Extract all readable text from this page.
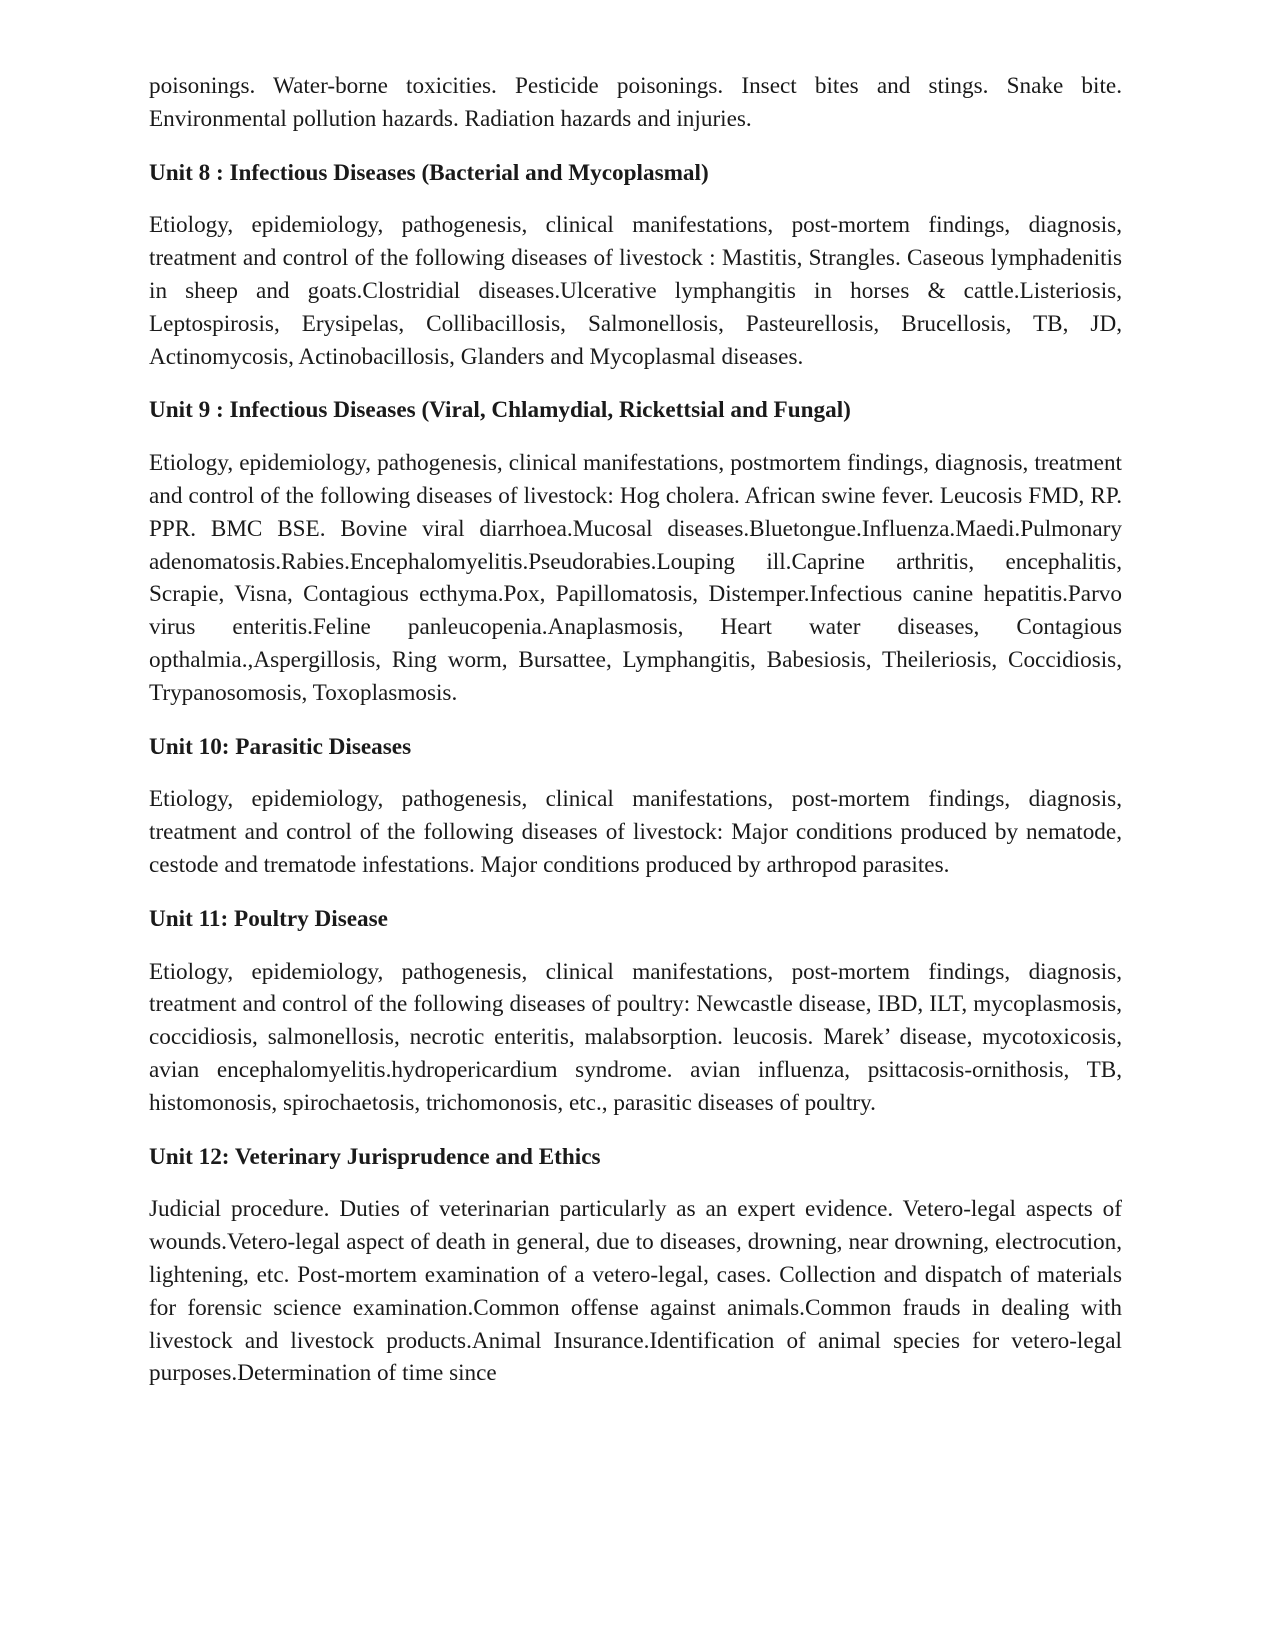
poisonings. Water-borne toxicities. Pesticide poisonings. Insect bites and stings. Snake bite. Environmental pollution hazards. Radiation hazards and injuries.

Unit 8 : Infectious Diseases (Bacterial and Mycoplasmal)

Etiology, epidemiology, pathogenesis, clinical manifestations, post-mortem findings, diagnosis, treatment and control of the following diseases of livestock : Mastitis, Strangles. Caseous lymphadenitis in sheep and goats.Clostridial diseases.Ulcerative lymphangitis in horses & cattle.Listeriosis, Leptospirosis, Erysipelas, Collibacillosis, Salmonellosis, Pasteurellosis, Brucellosis, TB, JD, Actinomycosis, Actinobacillosis, Glanders and Mycoplasmal diseases.

Unit 9 : Infectious Diseases (Viral, Chlamydial, Rickettsial and Fungal)

Etiology, epidemiology, pathogenesis, clinical manifestations, postmortem findings, diagnosis, treatment and control of the following diseases of livestock: Hog cholera. African swine fever. Leucosis FMD, RP. PPR. BMC BSE. Bovine viral diarrhoea.Mucosal diseases.Bluetongue.Influenza.Maedi.Pulmonary adenomatosis.Rabies.Encephalomyelitis.Pseudorabies.Louping ill.Caprine arthritis, encephalitis, Scrapie, Visna, Contagious ecthyma.Pox, Papillomatosis, Distemper.Infectious canine hepatitis.Parvo virus enteritis.Feline panleucopenia.Anaplasmosis, Heart water diseases, Contagious opthalmia.,Aspergillosis, Ring worm, Bursattee, Lymphangitis, Babesiosis, Theileriosis, Coccidiosis, Trypanosomosis, Toxoplasmosis.

Unit 10: Parasitic Diseases

Etiology, epidemiology, pathogenesis, clinical manifestations, post-mortem findings, diagnosis, treatment and control of the following diseases of livestock: Major conditions produced by nematode, cestode and trematode infestations. Major conditions produced by arthropod parasites.

Unit 11: Poultry Disease

Etiology, epidemiology, pathogenesis, clinical manifestations, post-mortem findings, diagnosis, treatment and control of the following diseases of poultry: Newcastle disease, IBD, ILT, mycoplasmosis, coccidiosis, salmonellosis, necrotic enteritis, malabsorption. leucosis. Marek’ disease, mycotoxicosis, avian encephalomyelitis.hydropericardium syndrome. avian influenza, psittacosis-ornithosis, TB, histomonosis, spirochaetosis, trichomonosis, etc., parasitic diseases of poultry.

Unit 12: Veterinary Jurisprudence and Ethics

Judicial procedure. Duties of veterinarian particularly as an expert evidence. Vetero-legal aspects of wounds.Vetero-legal aspect of death in general, due to diseases, drowning, near drowning, electrocution, lightening, etc. Post-mortem examination of a vetero-legal, cases. Collection and dispatch of materials for forensic science examination.Common offense against animals.Common frauds in dealing with livestock and livestock products.Animal Insurance.Identification of animal species for vetero-legal purposes.Determination of time since
